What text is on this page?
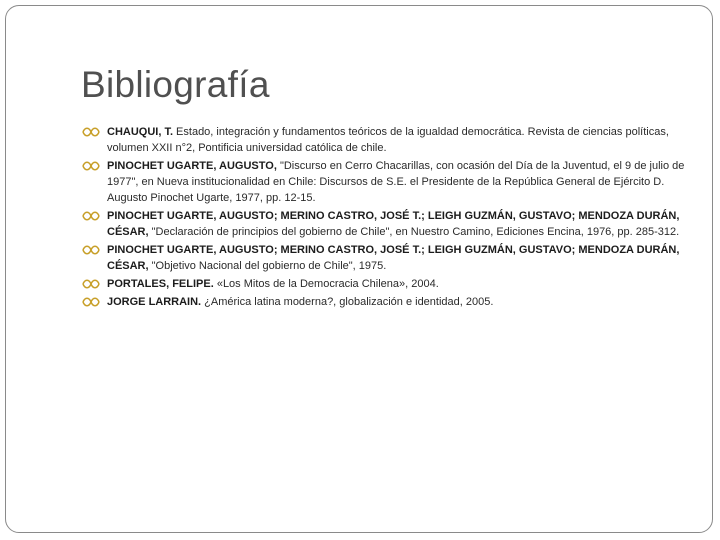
Bibliografía
CHAUQUI, T. Estado, integración y fundamentos teóricos de la igualdad democrática. Revista de ciencias políticas, volumen XXII n°2, Pontificia universidad católica de chile.
PINOCHET UGARTE, AUGUSTO, "Discurso en Cerro Chacarillas, con ocasión del Día de la Juventud, el 9 de julio de 1977", en Nueva institucionalidad en Chile: Discursos de S.E. el Presidente de la República General de Ejército D. Augusto Pinochet Ugarte, 1977, pp. 12-15.
PINOCHET UGARTE, AUGUSTO; MERINO CASTRO, JOSÉ T.; LEIGH GUZMÁN, GUSTAVO; MENDOZA DURÁN, CÉSAR, "Declaración de principios del gobierno de Chile", en Nuestro Camino, Ediciones Encina, 1976, pp. 285-312.
PINOCHET UGARTE, AUGUSTO; MERINO CASTRO, JOSÉ T.; LEIGH GUZMÁN, GUSTAVO; MENDOZA DURÁN, CÉSAR, "Objetivo Nacional del gobierno de Chile", 1975.
PORTALES, FELIPE. «Los Mitos de la Democracia Chilena», 2004.
JORGE LARRAIN. ¿América latina moderna?, globalización e identidad, 2005.
